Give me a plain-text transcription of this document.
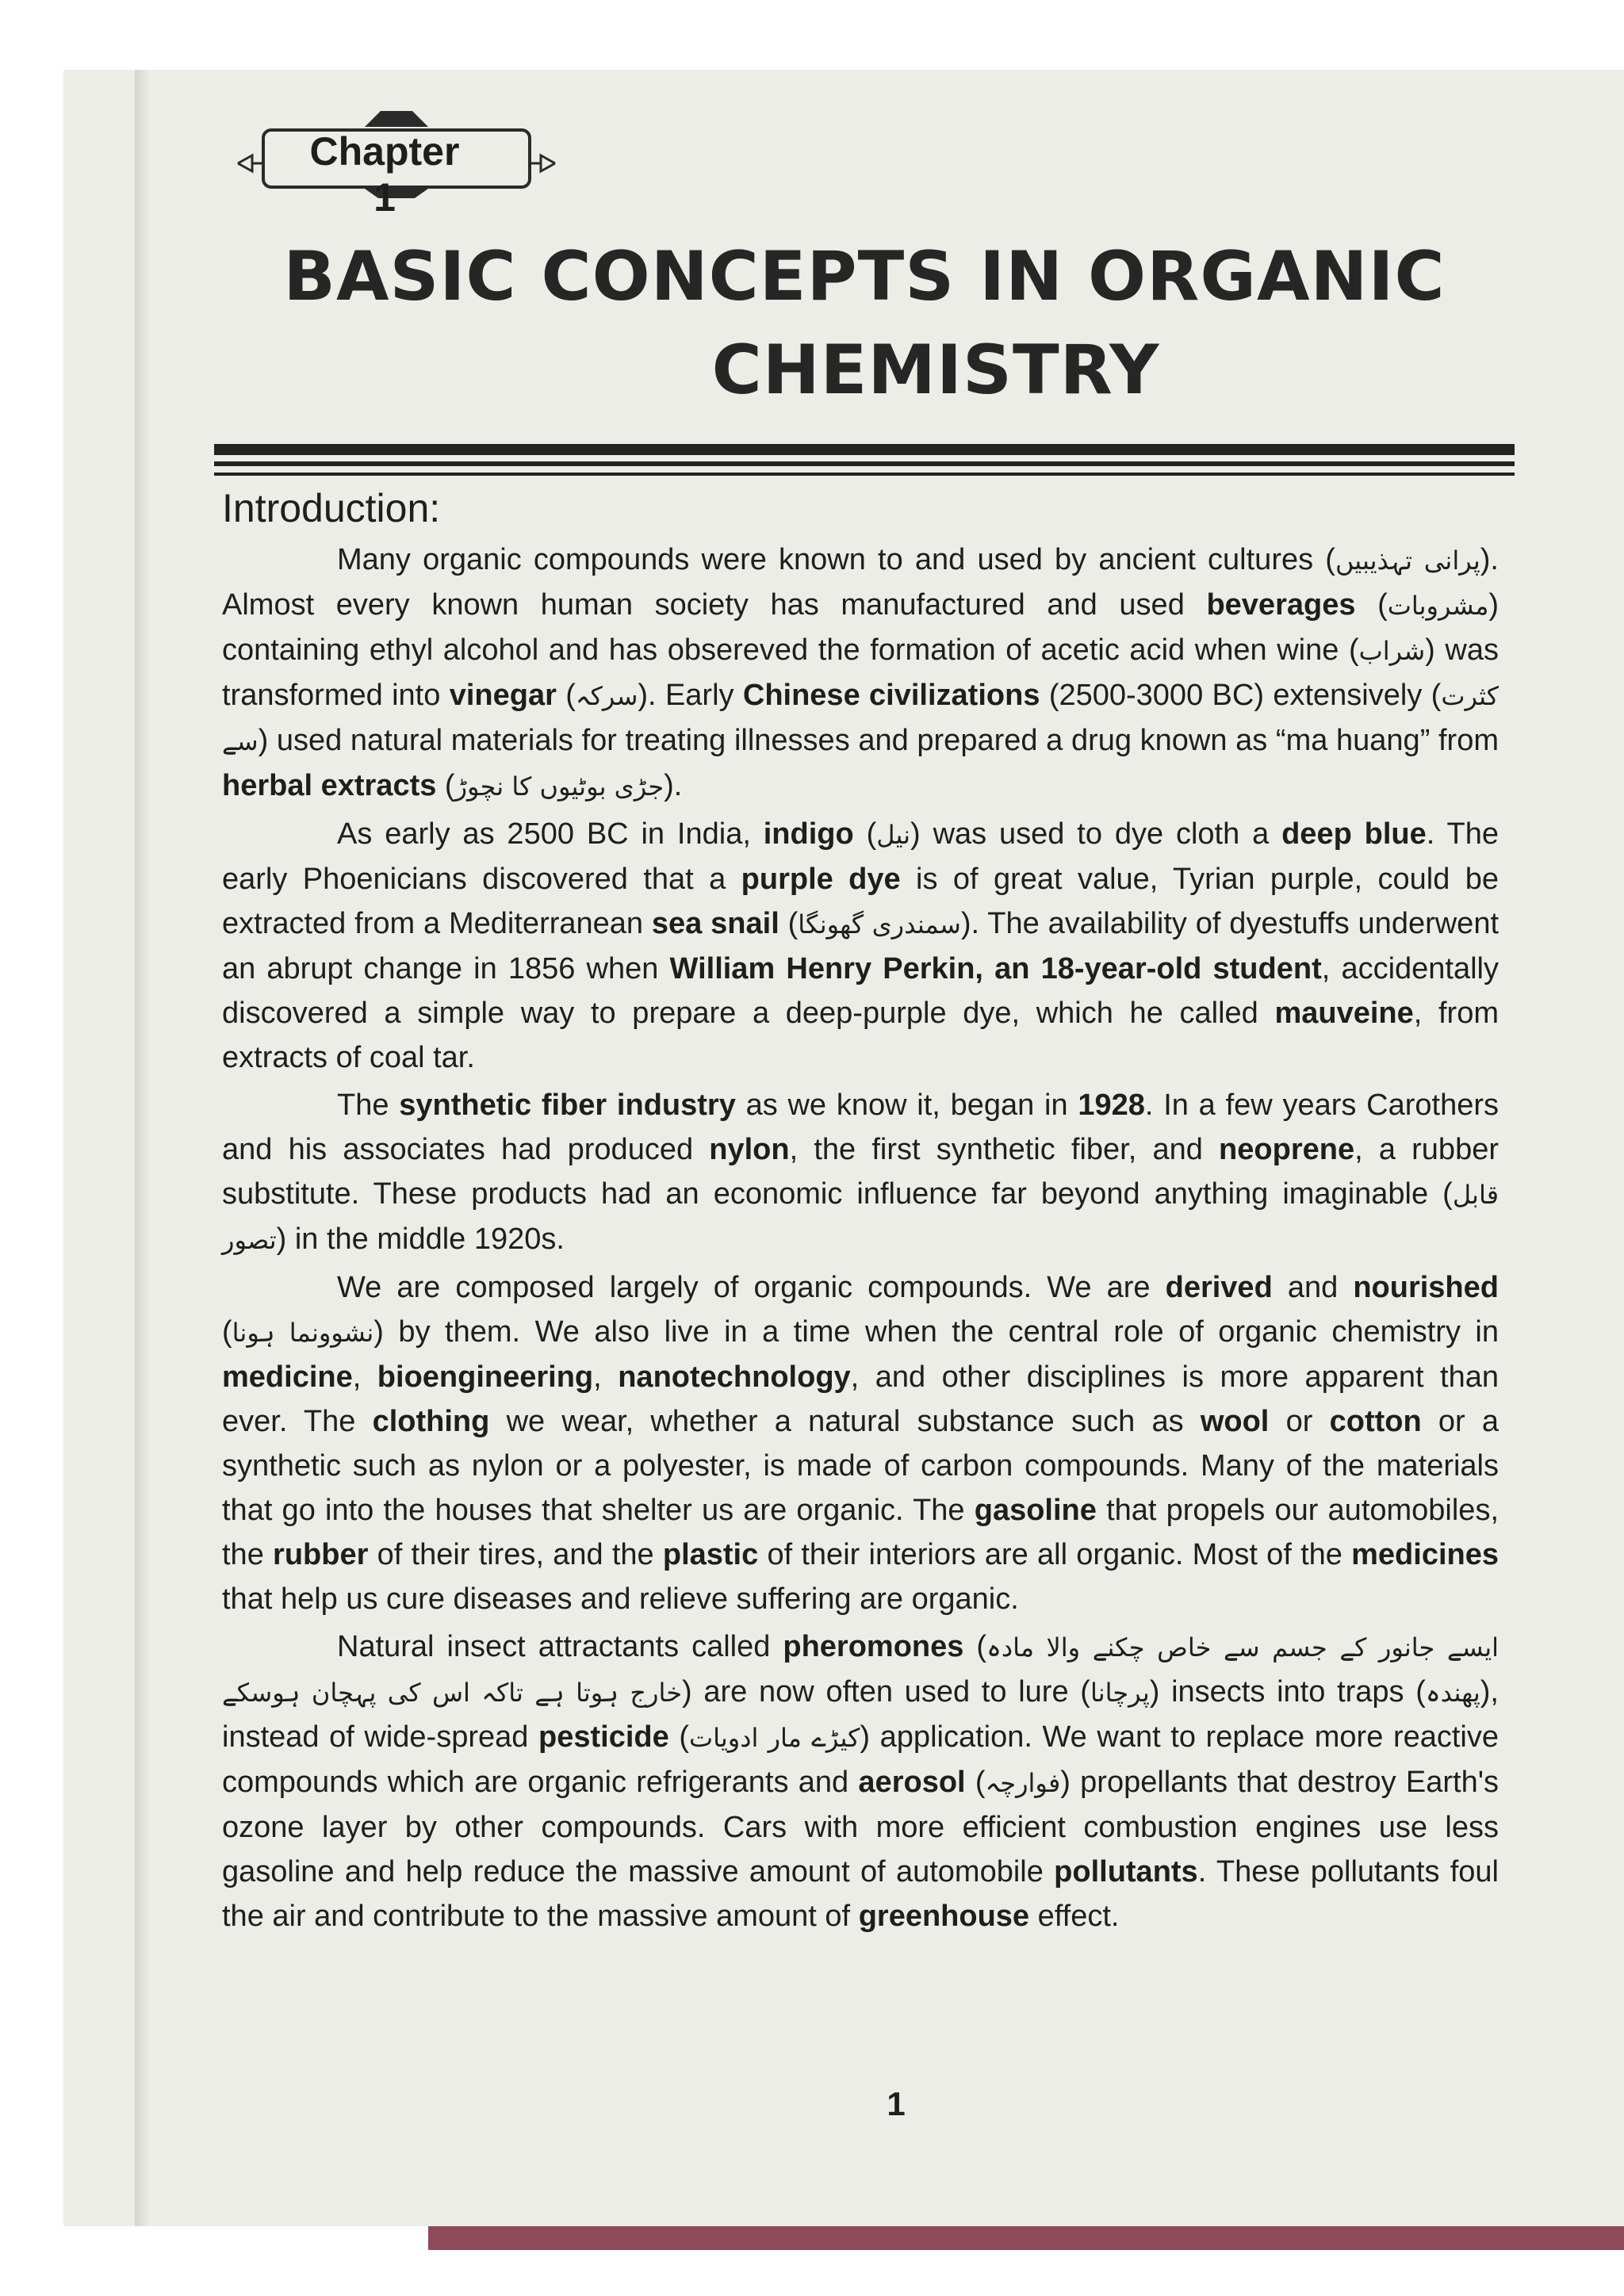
Chapter 1
BASIC CONCEPTS IN ORGANIC
CHEMISTRY
Introduction:

Many organic compounds were known to and used by ancient cultures (پرانی تہذیبیں). Almost every known human society has manufactured and used beverages (مشروبات) containing ethyl alcohol and has obsereved the formation of acetic acid when wine (شراب) was transformed into vinegar (سرکہ). Early Chinese civilizations (2500-3000 BC) extensively (کثرت سے) used natural materials for treating illnesses and prepared a drug known as “ma huang” from herbal extracts (جڑی بوٹیوں کا نچوڑ).

As early as 2500 BC in India, indigo (نیل) was used to dye cloth a deep blue. The early Phoenicians discovered that a purple dye is of great value, Tyrian purple, could be extracted from a Mediterranean sea snail (سمندری گھونگا). The availability of dyestuffs underwent an abrupt change in 1856 when William Henry Perkin, an 18-year-old student, accidentally discovered a simple way to prepare a deep-purple dye, which he called mauveine, from extracts of coal tar.

The synthetic fiber industry as we know it, began in 1928. In a few years Carothers and his associates had produced nylon, the first synthetic fiber, and neoprene, a rubber substitute. These products had an economic influence far beyond anything imaginable (قابل تصور) in the middle 1920s.

We are composed largely of organic compounds. We are derived and nourished (نشوونما ہونا) by them. We also live in a time when the central role of organic chemistry in medicine, bioengineering, nanotechnology, and other disciplines is more apparent than ever. The clothing we wear, whether a natural substance such as wool or cotton or a synthetic such as nylon or a polyester, is made of carbon compounds. Many of the materials that go into the houses that shelter us are organic. The gasoline that propels our automobiles, the rubber of their tires, and the plastic of their interiors are all organic. Most of the medicines that help us cure diseases and relieve suffering are organic.

Natural insect attractants called pheromones (ایسے جانور کے جسم سے خاص چکنے والا مادہ خارج ہوتا ہے تاکہ اس کی پہچان ہوسکے) are now often used to lure (پرچانا) insects into traps (پھندہ), instead of wide-spread pesticide (کیڑے مار ادویات) application. We want to replace more reactive compounds which are organic refrigerants and aerosol (فوارچہ) propellants that destroy Earth's ozone layer by other compounds. Cars with more efficient combustion engines use less gasoline and help reduce the massive amount of automobile pollutants. These pollutants foul the air and contribute to the massive amount of greenhouse effect.

1
